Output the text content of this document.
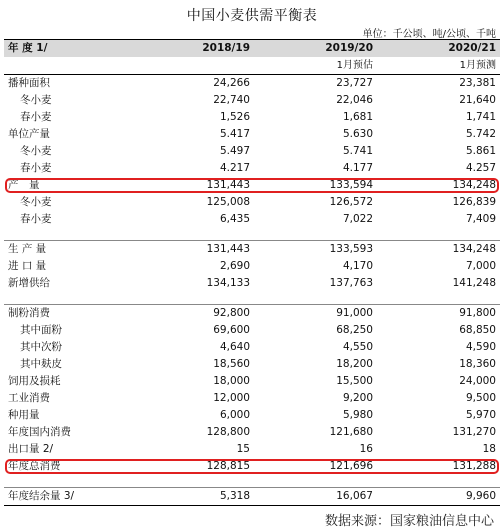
中国小麦供需平衡表
单位：千公顷、吨/公顷、千吨
年 度 1/	2018/19	2019/20	2020/21
		1月预估	1月预测
播种面积	24,266	23,727	23,381
冬小麦	22,740	22,046	21,640
春小麦	1,526	1,681	1,741
单位产量	5.417	5.630	5.742
冬小麦	5.497	5.741	5.861
春小麦	4.217	4.177	4.257
产　量	131,443	133,594	134,248
冬小麦	125,008	126,572	126,839
春小麦	6,435	7,022	7,409

生 产 量	131,443	133,593	134,248
进 口 量	2,690	4,170	7,000
新增供给	134,133	137,763	141,248

制粉消费	92,800	91,000	91,800
其中面粉	69,600	68,250	68,850
其中次粉	4,640	4,550	4,590
其中麸皮	18,560	18,200	18,360
饲用及损耗	18,000	15,500	24,000
工业消费	12,000	9,200	9,500
种用量	6,000	5,980	5,970
年度国内消费	128,800	121,680	131,270
出口量 2/	15	16	18
年度总消费	128,815	121,696	131,288

年度结余量 3/	5,318	16,067	9,960
数据来源：国家粮油信息中心
